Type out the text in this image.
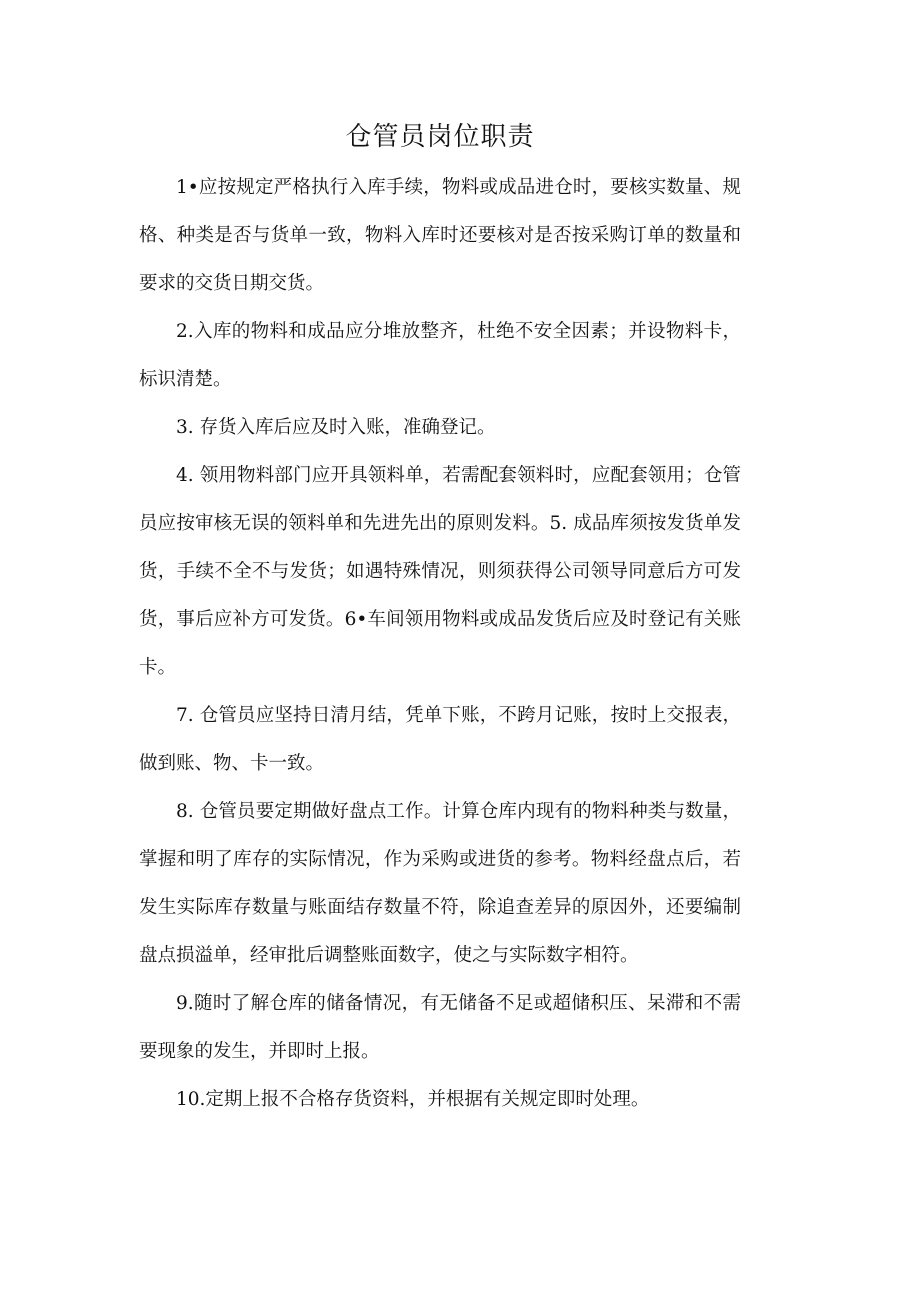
仓管员岗位职责

1•应按规定严格执行入库手续，物料或成品进仓时，要核实数量、规格、种类是否与货单一致，物料入库时还要核对是否按采购订单的数量和要求的交货日期交货。

2.入库的物料和成品应分堆放整齐，杜绝不安全因素；并设物料卡，标识清楚。

3. 存货入库后应及时入账，准确登记。

4. 领用物料部门应开具领料单，若需配套领料时，应配套领用；仓管员应按审核无误的领料单和先进先出的原则发料。5. 成品库须按发货单发货，手续不全不与发货；如遇特殊情况，则须获得公司领导同意后方可发货，事后应补方可发货。6•车间领用物料或成品发货后应及时登记有关账卡。

7. 仓管员应坚持日清月结，凭单下账，不跨月记账，按时上交报表，做到账、物、卡一致。

8. 仓管员要定期做好盘点工作。计算仓库内现有的物料种类与数量，掌握和明了库存的实际情况，作为采购或进货的参考。物料经盘点后，若发生实际库存数量与账面结存数量不符，除追查差异的原因外，还要编制盘点损溢单，经审批后调整账面数字，使之与实际数字相符。

9.随时了解仓库的储备情况，有无储备不足或超储积压、呆滞和不需要现象的发生，并即时上报。

10.定期上报不合格存货资料，并根据有关规定即时处理。
